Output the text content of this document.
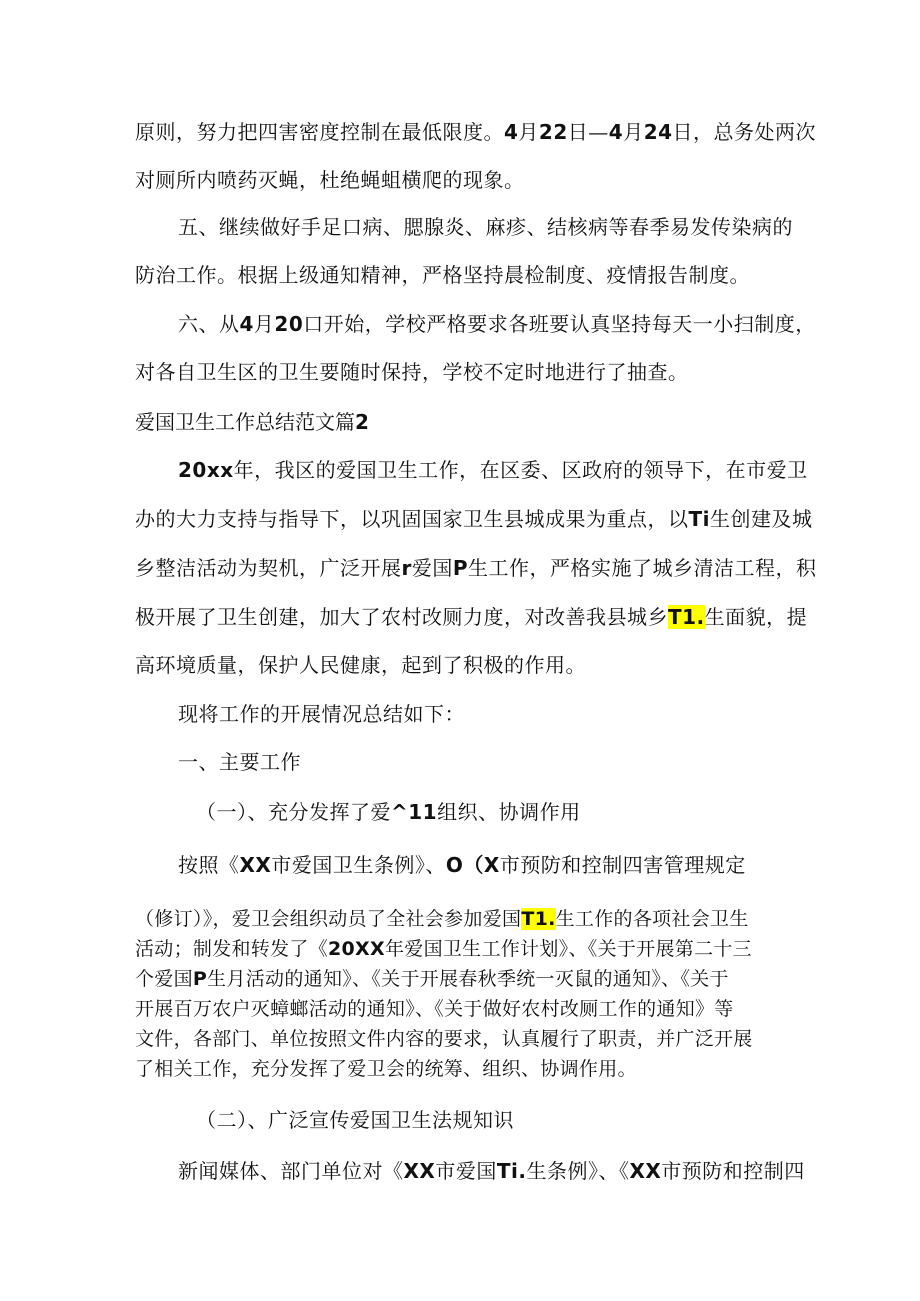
原则，努力把四害密度控制在最低限度。4月22日—4月24日，总务处两次
对厕所内喷药灭蝇，杜绝蝇蛆横爬的现象。
五、继续做好手足口病、腮腺炎、麻疹、结核病等春季易发传染病的
防治工作。根据上级通知精神，严格坚持晨检制度、疫情报告制度。
六、从4月20口开始，学校严格要求各班要认真坚持每天一小扫制度，
对各自卫生区的卫生要随时保持，学校不定时地进行了抽查。
爱国卫生工作总结范文篇2
20xx年，我区的爱国卫生工作，在区委、区政府的领导下，在市爱卫
办的大力支持与指导下，以巩固国家卫生县城成果为重点，以Ti生创建及城
乡整洁活动为契机，广泛开展r爱国P生工作，严格实施了城乡清洁工程，积
极开展了卫生创建，加大了农村改厕力度，对改善我县城乡T1.生面貌，提
高环境质量，保护人民健康，起到了积极的作用。
现将工作的开展情况总结如下：
一、主要工作
（一）、充分发挥了爱^11组织、协调作用
按照《XX市爱国卫生条例》、O（X市预防和控制四害管理规定
（修订）》，爱卫会组织动员了全社会参加爱国T1.生工作的各项社会卫生
活动；制发和转发了《20XX年爱国卫生工作计划》、《关于开展第二十三
个爱国P生月活动的通知》、《关于开展春秋季统一灭鼠的通知》、《关于
开展百万农户灭蟑螂活动的通知》、《关于做好农村改厕工作的通知》等
文件，各部门、单位按照文件内容的要求，认真履行了职责，并广泛开展
了相关工作，充分发挥了爱卫会的统筹、组织、协调作用。
（二）、广泛宣传爱国卫生法规知识
新闻媒体、部门单位对《XX市爱国Ti.生条例》、《XX市预防和控制四
